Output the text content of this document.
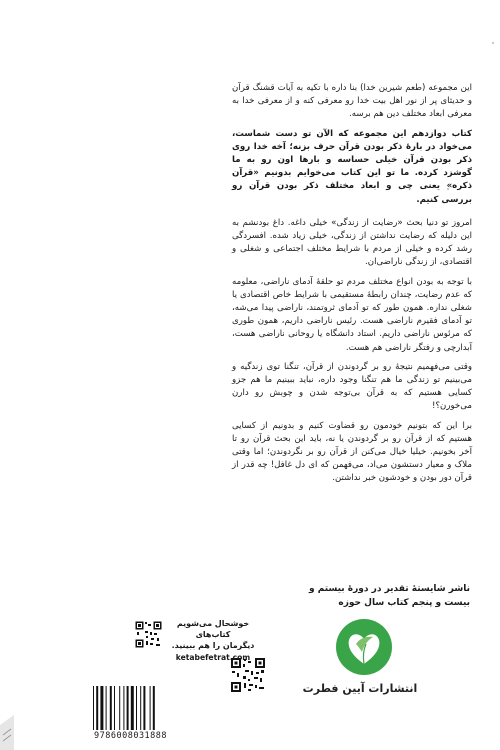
این مجموعه (طعم شیرین خدا) بنا داره با تکیه به آیات قشنگ قرآن و حدیثای پر از نور اهل بیت خدا رو معرفی کنه و از معرفی خدا به معرفی ابعاد مختلف دین هم برسه.

کتاب دوازدهم این مجموعه که الآن تو دست شماست، می‌خواد در بارهٔ ذکر بودن قرآن حرف بزنه؛ آخه خدا روی ذکر بودن قرآن خیلی حساسه و بارها اون رو به ما گوشزد کرده. ما تو این کتاب می‌خوایم بدونیم «قرآن ذکره» یعنی چی و ابعاد مختلف ذکر بودن قرآن رو بررسی کنیم.

امروز تو دنیا بحث «رضایت از زندگی» خیلی داغه. داغ بودنشم به این دلیله که رضایت نداشتن از زندگی، خیلی زیاد شده. افسردگی رشد کرده و خیلی از مردم با شرایط مختلف اجتماعی و شغلی و اقتصادی، از زندگی ناراضی‌ان.

با توجه به بودن انواع مختلف مردم تو حلقهٔ آدمای ناراضی، معلومه که عدم رضایت، چندان رابطهٔ مستقیمی با شرایط خاص اقتصادی یا شغلی نداره. همون طور که تو آدمای ثروتمند، ناراضی پیدا می‌شه، تو آدمای فقیرم ناراضی هست. رئیس ناراضی داریم، همون طوری که مرئوس ناراضی داریم. استاد دانشگاه یا روحانی ناراضی هست، آبدارچی و رفتگر ناراضی هم هست.

وقتی می‌فهمیم نتیجهٔ رو بر گردوندن از قرآن، تنگنا توی زندگیه و می‌بینیم تو زندگی ما هم تنگنا وجود داره، نباید ببینیم ما هم جزو کسایی هستیم که به قرآن بی‌توجه شدن و چوبش رو دارن می‌خورن؟!

برا این که بتونیم خودمون رو قضاوت کنیم و بدونیم از کسایی هستیم که از قرآن رو بر گردوندن یا نه، باید این بحث قرآن رو تا آخر بخونیم. خیلیا خیال می‌کنن از قرآن رو بر نگردوندن؛ اما وقتی ملاک و معیار دستشون می‌اد، می‌فهمن که ای دل غافل! چه قدر از قرآن دور بودن و خودشون خبر نداشتن.

ناشر شایستهٔ تقدیر در دورهٔ بیستم و
بیست و پنجم کتاب سال حوزه
انتشارات آیین فطرت
خوشحال می‌شویم کتاب‌های
دیگرمان را هم ببینید.
ketabefetrat.com
9786008031888
